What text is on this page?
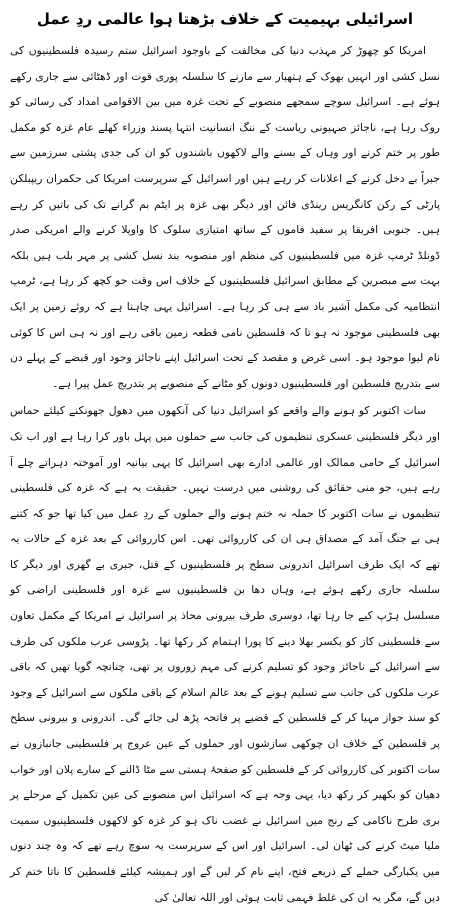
اسرائیلی بہیمیت کے خلاف بڑھتا ہوا عالمی ردِ عمل

امریکا کو چھوڑ کر مہذب دنیا کی مخالفت کے باوجود اسرائیل ستم رسیدہ فلسطینیوں کی نسل کشی اور انہیں بھوک کے ہتھیار سے مارنے کا سلسلہ پوری قوت اور ڈھٹائی سے جاری رکھے ہوئے ہے۔ اسرائیل سوچے سمجھے منصوبے کے تحت غزہ میں بین الاقوامی امداد کی رسائی کو روک رہا ہے، ناجائز صہیونی ریاست کے ننگ انسانیت انتہا پسند وزراء کھلے عام غزہ کو مکمل طور پر ختم کرنے اور وہاں کے بسنے والے لاکھوں باشندوں کو ان کی جدی پشتی سرزمین سے جبراً بے دخل کرنے کے اعلانات کر رہے ہیں اور اسرائیل کے سرپرست امریکا کی حکمران ریپبلکن پارٹی کے رکن کانگریس رینڈی فائن اور دیگر بھی غزہ پر ایٹم بم گرانے تک کی باتیں کر رہے ہیں۔ جنوبی افریقا پر سفید فاموں کے ساتھ امتیازی سلوک کا واویلا کرنے والے امریکی صدر ڈونلڈ ٹرمپ غزہ میں فلسطینیوں کی منظم اور منصوبہ بند نسل کشی پر مہر بلب ہیں بلکہ بہت سے مبصرین کے مطابق اسرائیل فلسطینیوں کے خلاف اس وقت جو کچھ کر رہا ہے، ٹرمپ انتظامیہ کی مکمل آشیر باد سے ہی کر رہا ہے۔ اسرائیل یہی چاہتا ہے کہ روئے زمین پر ایک بھی فلسطینی موجود نہ ہو تا کہ فلسطین نامی قطعہ زمین باقی رہے اور نہ ہی اس کا کوئی نام لیوا موجود ہو۔ اسی غرض و مقصد کے تحت اسرائیل اپنے ناجائز وجود اور قبضے کے پہلے دن سے بتدریج فلسطین اور فلسطینیوں دونوں کو مٹانے کے منصوبے پر بتدریج عمل پیرا ہے۔

سات اکتوبر کو ہونے والے واقعے کو اسرائیل دنیا کی آنکھوں میں دھول جھونکنے کیلئے حماس اور دیگر فلسطینی عسکری تنظیموں کی جانب سے حملوں میں پہل باور کرا رہا ہے اور اب تک اسرائیل کے حامی ممالک اور عالمی ادارے بھی اسرائیل کا یہی بیانیہ اور آموختہ دہراتے چلے آ رہے ہیں، جو منی حقائق کی روشنی میں درست نہیں۔ حقیقت یہ ہے کہ غزہ کی فلسطینی تنظیموں نے سات اکتوبر کا حملہ نہ ختم ہونے والے حملوں کے ردِ عمل میں کیا تھا جو کہ کتنے ہی بے جنگ آمد کے مصداق ہی ان کی کارروائی تھی۔ اس کارروائی کے بعد غزہ کے حالات یہ تھے کہ ایک طرف اسرائیل اندرونی سطح پر فلسطینیوں کے قتل، جبری بے گھری اور دیگر کا سلسلہ جاری رکھے ہوئے ہے، وہاں دھا بن فلسطینیوں سے غزہ اور فلسطینی اراضی کو مسلسل ہڑپ کیے جا رہا تھا، دوسری طرف بیرونی محاذ پر اسرائیل نے امریکا کے مکمل تعاون سے فلسطینی کاز کو یکسر بھلا دینے کا پورا اہتمام کر رکھا تھا۔ پڑوسی عرب ملکوں کی طرف سے اسرائیل کے ناجائز وجود کو تسلیم کرنے کی مہم زوروں پر تھی، چنانچہ گویا تھیں کہ باقی عرب ملکوں کی جانب سے تسلیم ہونے کے بعد عالم اسلام کے باقی ملکوں سے اسرائیل کے وجود کو سند جواز مہیا کر کے فلسطین کے قضیے پر فاتحہ پڑھ لی جائے گی۔ اندرونی و بیرونی سطح پر فلسطین کے خلاف ان چوکھی سازشوں اور حملوں کے عین عروج پر فلسطینی جانبازوں نے سات اکتوبر کی کارروائی کر کے فلسطین کو صفحۂ ہستی سے مٹا ڈالنے کے سارے پلان اور خواب دھیان کو بکھیر کر رکھ دیا، یہی وجہ ہے کہ اسرائیل اس منصوبے کی عین تکمیل کے مرحلے پر بری طرح ناکامی کے رنج میں اسرائیل نے غضب ناک ہو کر غزہ کو لاکھوں فلسطینیوں سمیت ملیا میٹ کرنے کی ٹھان لی۔ اسرائیل اور اس کے سرپرست یہ سوچ رہے تھے کہ وہ چند دنوں میں یکبارگی حملے کے ذریعے فتح، اپنے نام کر لیں گے اور ہمیشہ کیلئے فلسطین کا ناتا ختم کر دیں گے، مگر یہ ان کی غلط فہمی ثابت ہوئی اور اللہ تعالیٰ کی
